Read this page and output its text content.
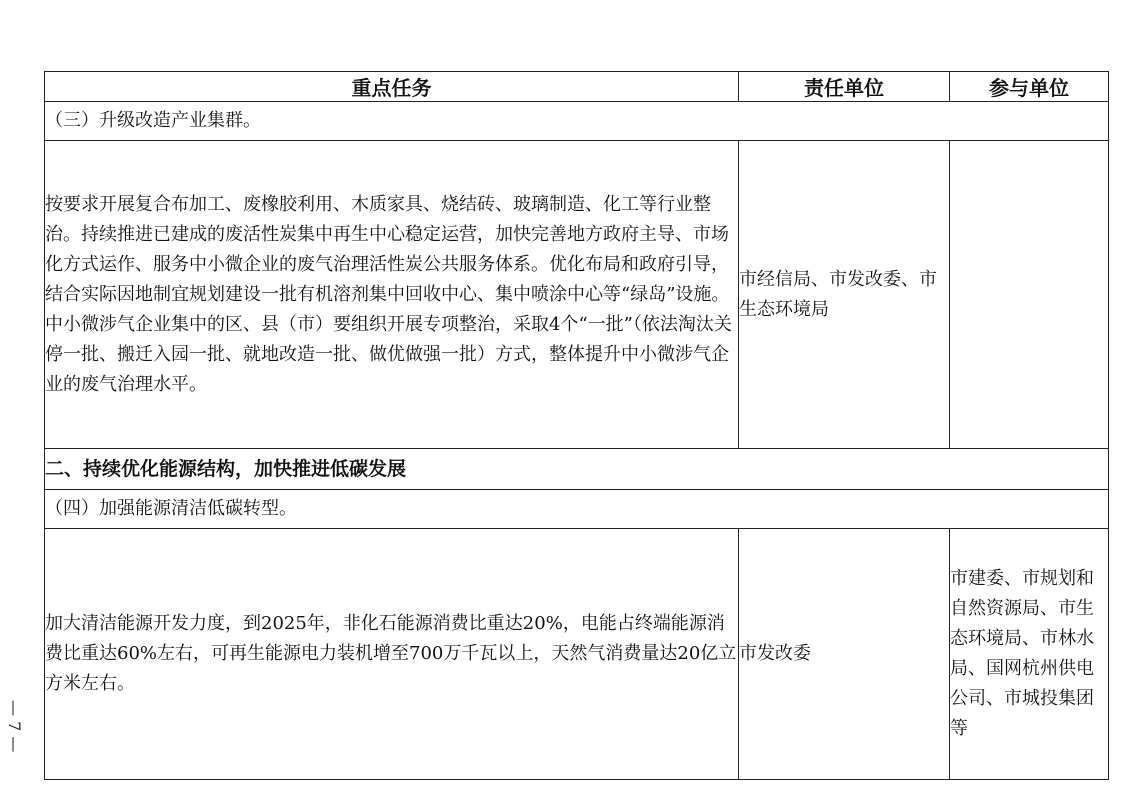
重点任务	责任单位	参与单位
（三）升级改造产业集群。		
按要求开展复合布加工、废橡胶利用、木质家具、烧结砖、玻璃制造、化工等行业整治。持续推进已建成的废活性炭集中再生中心稳定运营，加快完善地方政府主导、市场化方式运作、服务中小微企业的废气治理活性炭公共服务体系。优化布局和政府引导，结合实际因地制宜规划建设一批有机溶剂集中回收中心、集中喷涂中心等“绿岛”设施。中小微涉气企业集中的区、县（市）要组织开展专项整治，采取4个“一批”（依法淘汰关停一批、搬迁入园一批、就地改造一批、做优做强一批）方式，整体提升中小微涉气企业的废气治理水平。	市经信局、市发改委、市生态环境局	
二、持续优化能源结构，加快推进低碳发展		
（四）加强能源清洁低碳转型。		
加大清洁能源开发力度，到2025年，非化石能源消费比重达20%，电能占终端能源消费比重达60%左右，可再生能源电力装机增至700万千瓦以上，天然气消费量达20亿立方米左右。	市发改委	市建委、市规划和自然资源局、市生态环境局、市林水局、国网杭州供电公司、市城投集团等
— 7 —
